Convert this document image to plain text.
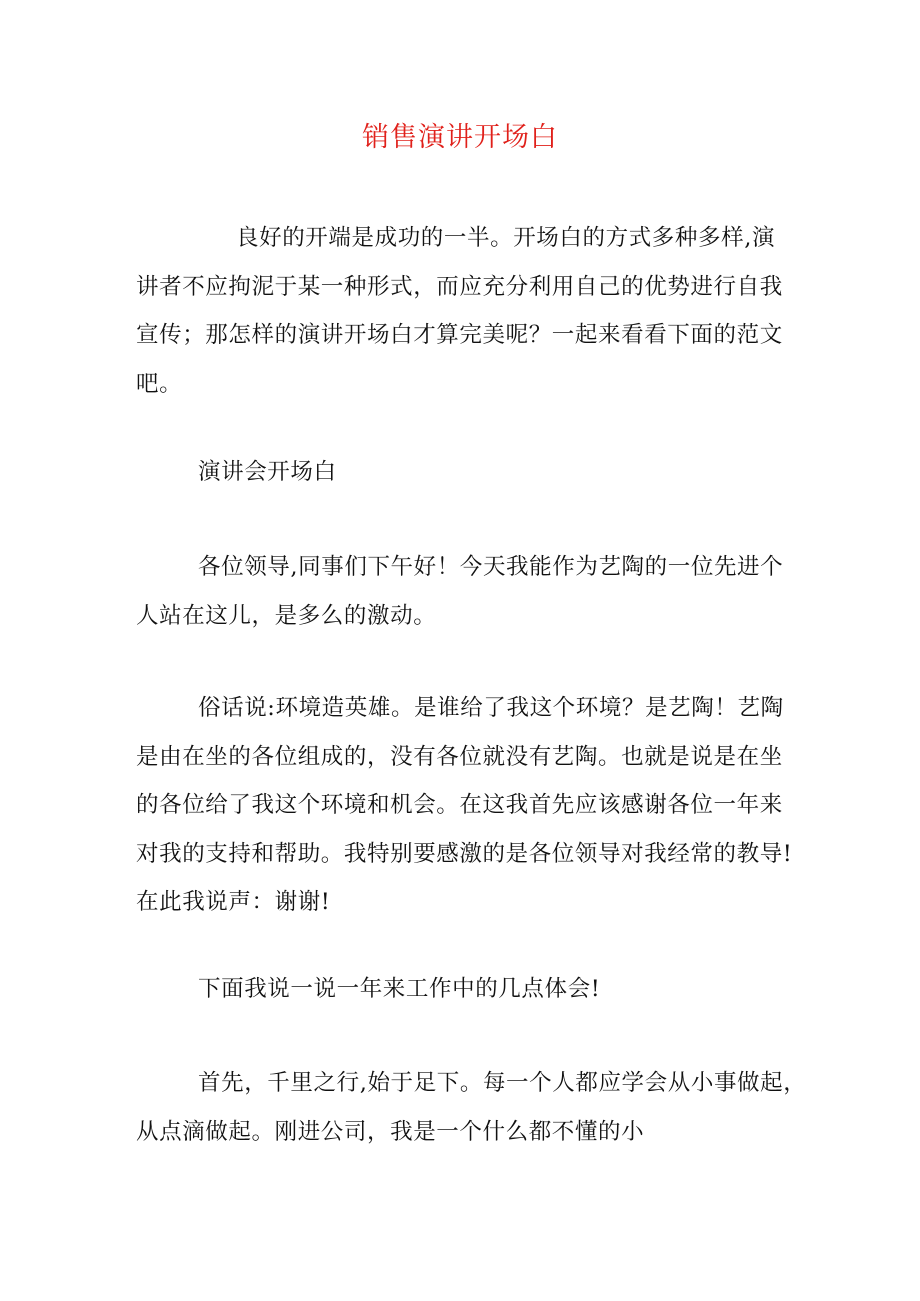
销售演讲开场白
良好的开端是成功的一半。开场白的方式多种多样,演
讲者不应拘泥于某一种形式，而应充分利用自己的优势进行自我
宣传；那怎样的演讲开场白才算完美呢？一起来看看下面的范文
吧。
演讲会开场白
各位领导,同事们下午好！今天我能作为艺陶的一位先进个
人站在这儿，是多么的激动。
俗话说:环境造英雄。是谁给了我这个环境？是艺陶！艺陶
是由在坐的各位组成的，没有各位就没有艺陶。也就是说是在坐
的各位给了我这个环境和机会。在这我首先应该感谢各位一年来
对我的支持和帮助。我特别要感激的是各位领导对我经常的教导!
在此我说声：谢谢!
下面我说一说一年来工作中的几点体会!
首先，千里之行,始于足下。每一个人都应学会从小事做起，
从点滴做起。刚进公司，我是一个什么都不懂的小
